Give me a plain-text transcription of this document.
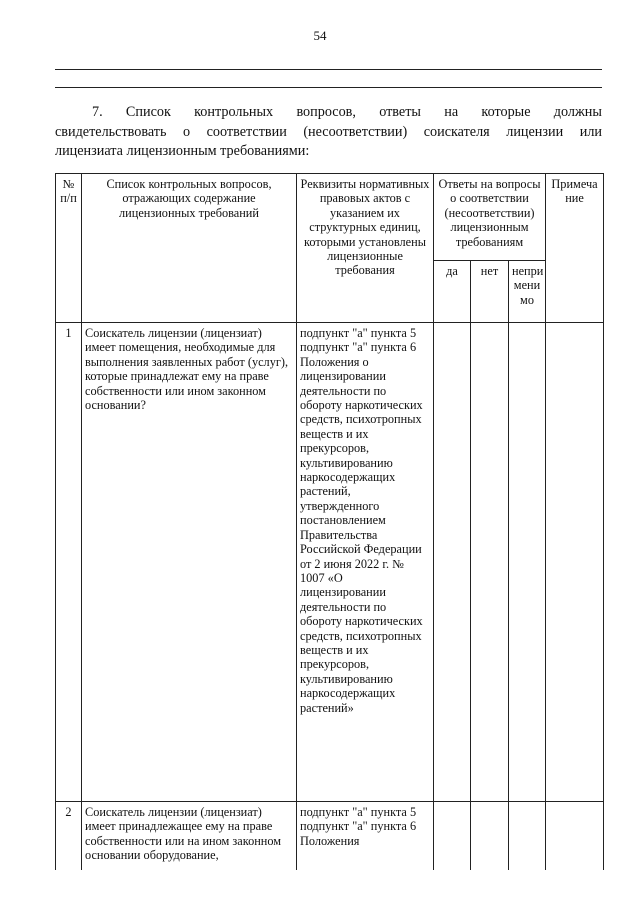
54
7. Список контрольных вопросов, ответы на которые должны
свидетельствовать о соответствии (несоответствии) соискателя лицензии или
лицензиата лицензионным требованиями:
№ п/п	Список контрольных вопросов, отражающих содержание лицензионных требований	Реквизиты нормативных правовых актов с указанием их структурных единиц, которыми установлены лицензионные требования	Ответы на вопросы о соответствии (несоответствии) лицензионным требованиям			Примеча ние
			да	нет	непри мени мо	
1	Соискатель лицензии (лицензиат) имеет помещения, необходимые для выполнения заявленных работ (услуг), которые принадлежат ему на праве собственности или ином законном основании?	подпункт "а" пункта 5 подпункт "а" пункта 6 Положения о лицензировании деятельности по обороту наркотических средств, психотропных веществ и их прекурсоров, культивированию наркосодержащих растений, утвержденного постановлением Правительства Российской Федерации от 2 июня 2022 г. № 1007 «О лицензировании деятельности по обороту наркотических средств, психотропных веществ и их прекурсоров, культивированию наркосодержащих растений»				
2	Соискатель лицензии (лицензиат) имеет принадлежащее ему на праве собственности или на ином законном основании оборудование,	подпункт "а" пункта 5 подпункт "а" пункта 6 Положения				
